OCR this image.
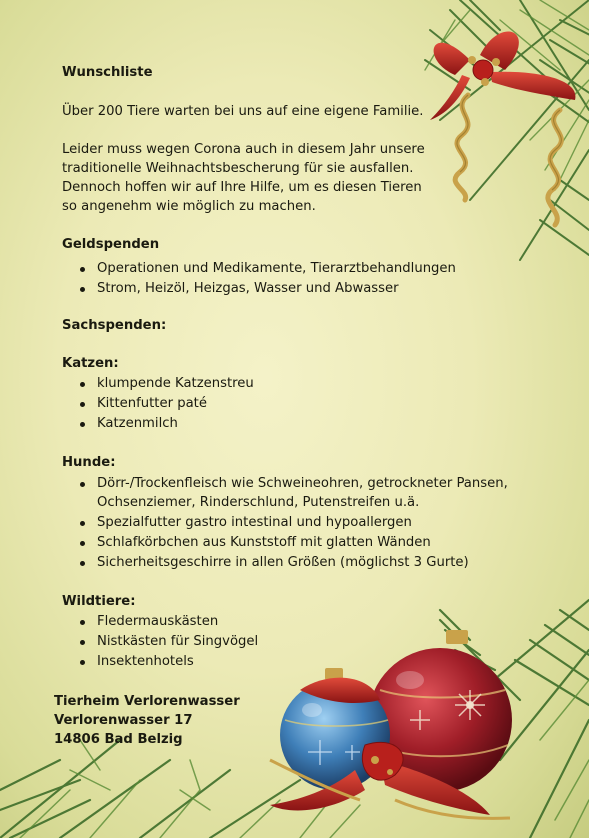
Wunschliste

Über 200 Tiere warten bei uns auf eine eigene Familie.

Leider muss wegen Corona auch in diesem Jahr unsere

traditionelle Weihnachtsbescherung für sie ausfallen.

Dennoch hoffen wir auf Ihre Hilfe, um es diesen Tieren

so angenehm wie möglich zu machen.

Geldspenden

Operationen und Medikamente, Tierarztbehandlungen

Strom, Heizöl, Heizgas, Wasser und Abwasser

Sachspenden:

Katzen:

klumpende Katzenstreu

Kittenfutter paté

Katzenmilch

Hunde:

Dörr-/Trockenfleisch wie Schweineohren, getrockneter Pansen,

Ochsenziemer, Rinderschlund, Putenstreifen u.ä.

Spezialfutter gastro intestinal und hypoallergen

Schlafkörbchen aus Kunststoff mit glatten Wänden

Sicherheitsgeschirre in allen Größen (möglichst 3 Gurte)

Wildtiere:

Fledermauskästen

Nistkästen für Singvögel

Insektenhotels

Tierheim Verlorenwasser

Verlorenwasser 17

14806 Bad Belzig
